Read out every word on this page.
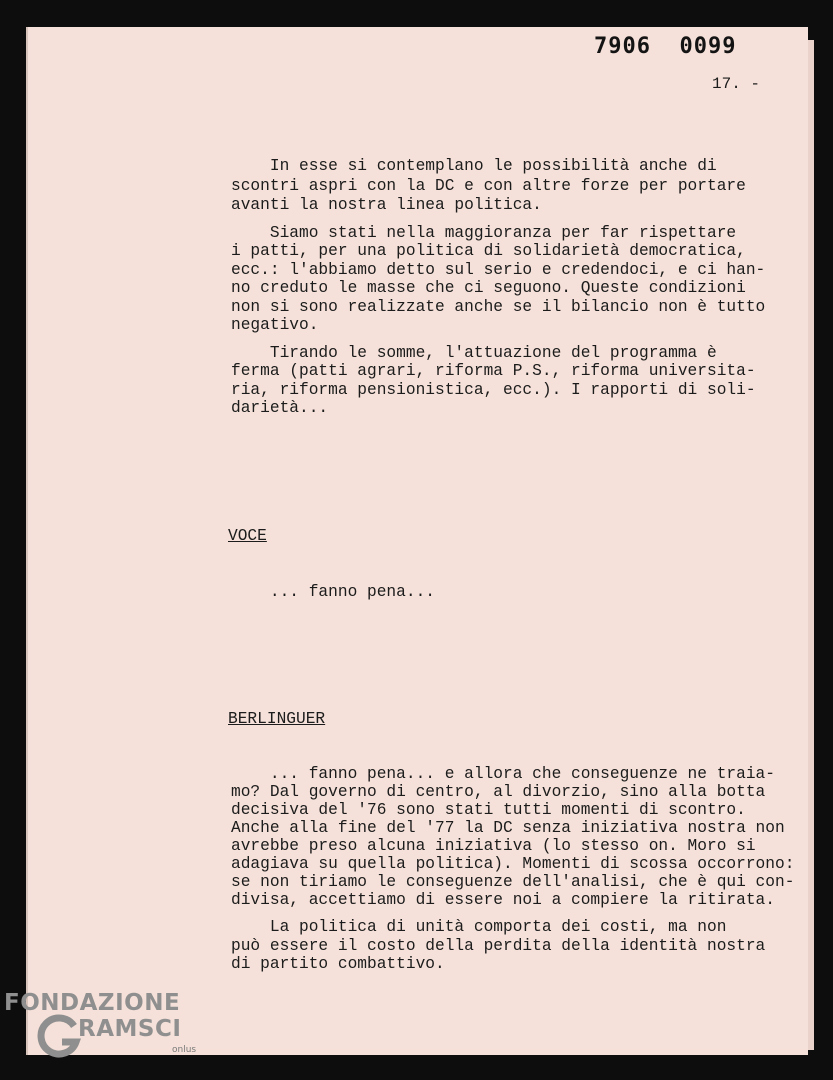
7906  0099
17. -
In esse si contemplano le possibilità anche di
scontri aspri con la DC e con altre forze per portare
avanti la nostra linea politica.
Siamo stati nella maggioranza per far rispettare
i patti, per una politica di solidarietà democratica,
ecc.: l'abbiamo detto sul serio e credendoci, e ci han-
no creduto le masse che ci seguono. Queste condizioni
non si sono realizzate anche se il bilancio non è tutto
negativo.
Tirando le somme, l'attuazione del programma è
ferma (patti agrari, riforma P.S., riforma universita-
ria, riforma pensionistica, ecc.). I rapporti di soli-
darietà...
VOCE
... fanno pena...
BERLINGUER
... fanno pena... e allora che conseguenze ne traia-
mo? Dal governo di centro, al divorzio, sino alla botta
decisiva del '76 sono stati tutti momenti di scontro.
Anche alla fine del '77 la DC senza iniziativa nostra non
avrebbe preso alcuna iniziativa (lo stesso on. Moro si
adagiava su quella politica). Momenti di scossa occorrono:
se non tiriamo le conseguenze dell'analisi, che è qui con-
divisa, accettiamo di essere noi a compiere la ritirata.
La politica di unità comporta dei costi, ma non
può essere il costo della perdita della identità nostra
di partito combattivo.
FONDAZIONE
RAMSCI
onlus
